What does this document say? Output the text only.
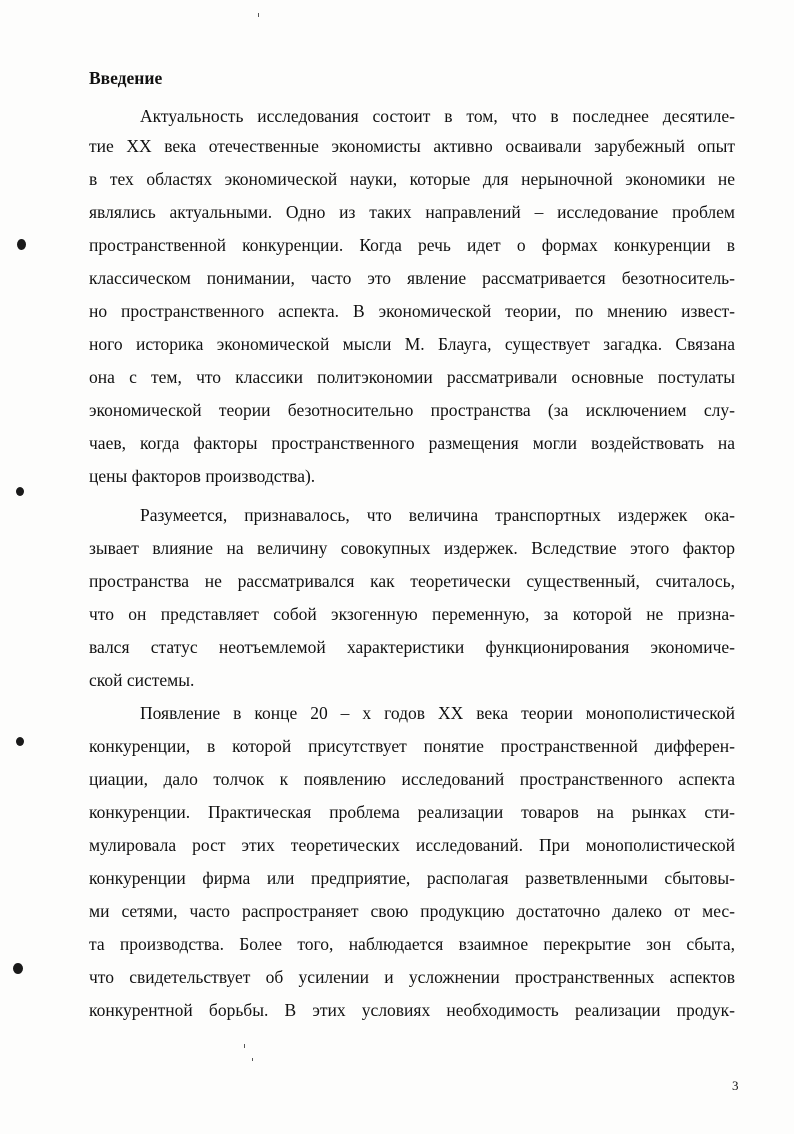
Введение
Актуальность исследования состоит в том, что в последнее десятиле-
тие XX века отечественные экономисты активно осваивали зарубежный опыт
в тех областях экономической науки, которые для нерыночной экономики не
являлись актуальными. Одно из таких направлений – исследование проблем
пространственной конкуренции. Когда речь идет о формах конкуренции в
классическом понимании, часто это явление рассматривается безотноситель-
но пространственного аспекта. В экономической теории, по мнению извест-
ного историка экономической мысли М. Блауга, существует загадка. Связана
она с тем, что классики политэкономии рассматривали основные постулаты
экономической теории безотносительно пространства (за исключением слу-
чаев, когда факторы пространственного размещения могли воздействовать на
цены факторов производства).
Разумеется, признавалось, что величина транспортных издержек ока-
зывает влияние на величину совокупных издержек. Вследствие этого фактор
пространства не рассматривался как теоретически существенный, считалось,
что он представляет собой экзогенную переменную, за которой не призна-
вался статус неотъемлемой характеристики функционирования экономиче-
ской системы.
Появление в конце 20 – х годов XX века теории монополистической
конкуренции, в которой присутствует понятие пространственной дифферен-
циации, дало толчок к появлению исследований пространственного аспекта
конкуренции. Практическая проблема реализации товаров на рынках сти-
мулировала рост этих теоретических исследований. При монополистической
конкуренции фирма или предприятие, располагая разветвленными сбытовы-
ми сетями, часто распространяет свою продукцию достаточно далеко от мес-
та производства. Более того, наблюдается взаимное перекрытие зон сбыта,
что свидетельствует об усилении и усложнении пространственных аспектов
конкурентной борьбы. В этих условиях необходимость реализации продук-
3
